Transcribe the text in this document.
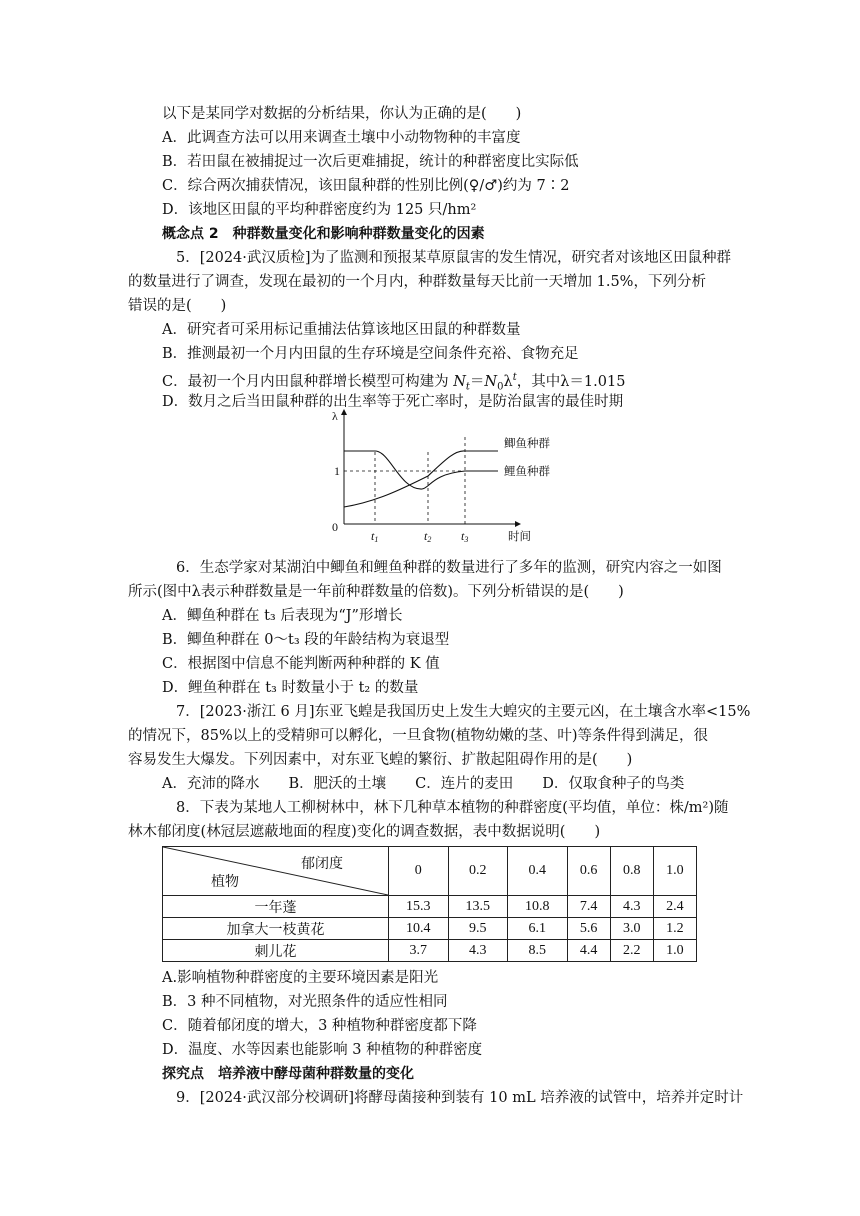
以下是某同学对数据的分析结果，你认为正确的是(　　)
A．此调查方法可以用来调查土壤中小动物物种的丰富度
B．若田鼠在被捕捉过一次后更难捕捉，统计的种群密度比实际低
C．综合两次捕获情况，该田鼠种群的性别比例(♀/♂)约为 7∶2
D．该地区田鼠的平均种群密度约为 125 只/hm²
概念点 2　种群数量变化和影响种群数量变化的因素
5．[2024·武汉质检]为了监测和预报某草原鼠害的发生情况，研究者对该地区田鼠种群
的数量进行了调查，发现在最初的一个月内，种群数量每天比前一天增加 1.5%，下列分析
错误的是(　　)
A．研究者可采用标记重捕法估算该地区田鼠的种群数量
B．推测最初一个月内田鼠的生存环境是空间条件充裕、食物充足
C．最初一个月内田鼠种群增长模型可构建为 $N_t=N_0\lambda^t$，其中λ＝1.015
D．数月之后当田鼠种群的出生率等于死亡率时，是防治鼠害的最佳时期
λ
1
0
时间
t1	t2 t3
鲫鱼种群
鲤鱼种群
6．生态学家对某湖泊中鲫鱼和鲤鱼种群的数量进行了多年的监测，研究内容之一如图
所示(图中λ表示种群数量是一年前种群数量的倍数)。下列分析错误的是(　　)
A．鲫鱼种群在 t₃ 后表现为“J”形增长
B．鲫鱼种群在 0～t₃ 段的年龄结构为衰退型
C．根据图中信息不能判断两种种群的 K 值
D．鲤鱼种群在 t₃ 时数量小于 t₂ 的数量
7．[2023·浙江 6 月]东亚飞蝗是我国历史上发生大蝗灾的主要元凶，在土壤含水率<15%
的情况下，85%以上的受精卵可以孵化，一旦食物(植物幼嫩的茎、叶)等条件得到满足，很
容易发生大爆发。下列因素中，对东亚飞蝗的繁衍、扩散起阻碍作用的是(　　)
A．充沛的降水　　B．肥沃的土壤　　C．连片的麦田　　D．仅取食种子的鸟类
8．下表为某地人工柳树林中，林下几种草本植物的种群密度(平均值，单位：株/m²)随
林木郁闭度(林冠层遮蔽地面的程度)变化的调查数据，表中数据说明(　　)
郁闭度
植物	0	0.2	0.4	0.6	0.8	1.0
一年蓬	15.3	13.5	10.8	7.4	4.3	2.4
加拿大一枝黄花	10.4	9.5	6.1	5.6	3.0	1.2
刺儿花	3.7	4.3	8.5	4.4	2.2	1.0
A.影响植物种群密度的主要环境因素是阳光
B．3 种不同植物，对光照条件的适应性相同
C．随着郁闭度的增大，3 种植物种群密度都下降
D．温度、水等因素也能影响 3 种植物的种群密度
探究点　培养液中酵母菌种群数量的变化
9．[2024·武汉部分校调研]将酵母菌接种到装有 10 mL 培养液的试管中，培养并定时计
